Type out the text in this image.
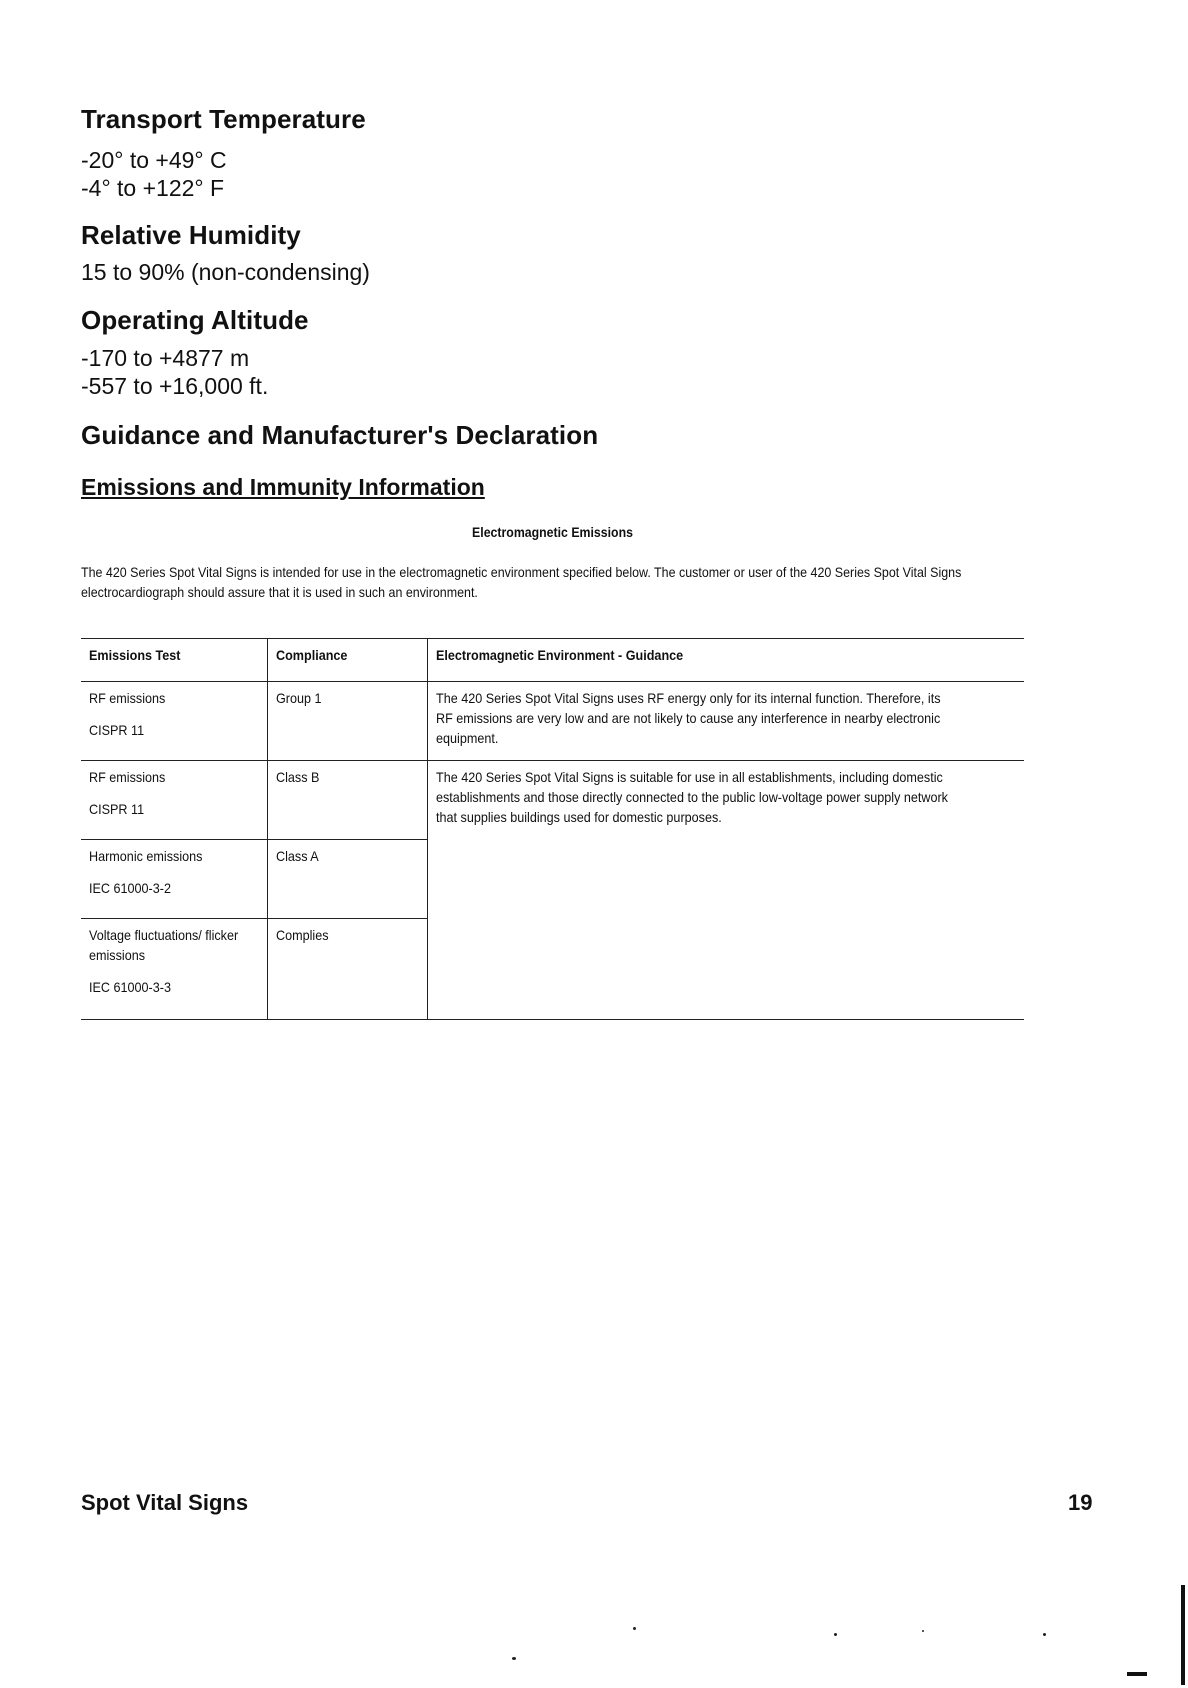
Transport Temperature
-20° to +49° C
-4° to +122° F
Relative Humidity
15 to 90% (non-condensing)
Operating Altitude
-170 to +4877 m
-557 to +16,000 ft.
Guidance and Manufacturer's Declaration
Emissions and Immunity Information
Electromagnetic Emissions
The 420 Series Spot Vital Signs is intended for use in the electromagnetic environment specified below. The customer or user of the 420 Series Spot Vital Signs electrocardiograph should assure that it is used in such an environment.
Emissions Test	Compliance	Electromagnetic Environment - Guidance

RF emissions
CISPR 11	Group 1	The 420 Series Spot Vital Signs uses RF energy only for its internal function. Therefore, its RF emissions are very low and are not likely to cause any interference in nearby electronic equipment.

RF emissions
CISPR 11	Class B	The 420 Series Spot Vital Signs is suitable for use in all establishments, including domestic establishments and those directly connected to the public low-voltage power supply network that supplies buildings used for domestic purposes.

Harmonic emissions
IEC 61000-3-2	Class A	

Voltage fluctuations/ flicker emissions
IEC 61000-3-3	Complies	
Spot Vital Signs	19
